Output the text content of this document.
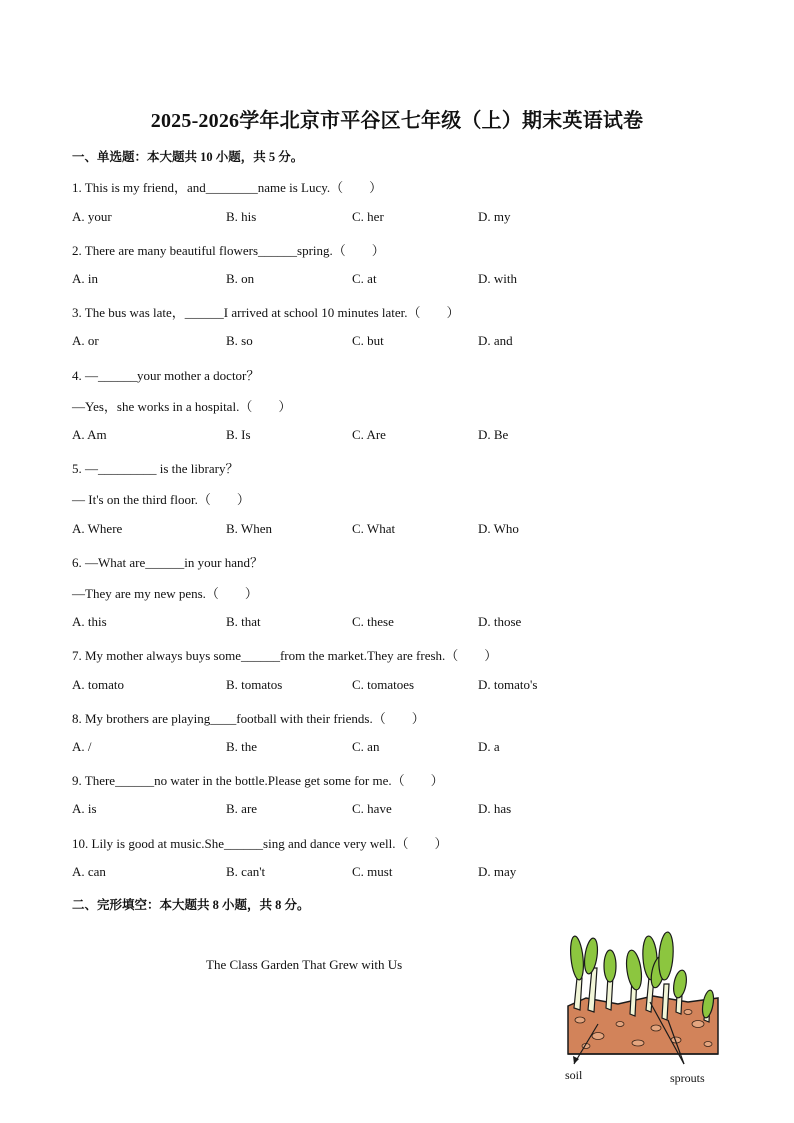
2025-2026学年北京市平谷区七年级（上）期末英语试卷
一、单选题：本大题共 10 小题，共 5 分。
1. This is my friend，and________name is Lucy.（　　）
A. your	B. his	C. her	D. my
2. There are many beautiful flowers______spring.（　　）
A. in	B. on	C. at	D. with
3. The bus was late，______I arrived at school 10 minutes later.（　　）
A. or	B. so	C. but	D. and
4. —______your mother a doctor？
—Yes，she works in a hospital.（　　）
A. Am	B. Is	C. Are	D. Be
5. —_________ is the library？
— It's on the third floor.（　　）
A. Where	B. When	C. What	D. Who
6. —What are______in your hand？
—They are my new pens.（　　）
A. this	B. that	C. these	D. those
7. My mother always buys some______from the market.They are fresh.（　　）
A. tomato	B. tomatos	C. tomatoes	D. tomato's
8. My brothers are playing____football with their friends.（　　）
A. /	B. the	C. an	D. a
9. There______no water in the bottle.Please get some for me.（　　）
A. is	B. are	C. have	D. has
10. Lily is good at music.She______sing and dance very well.（　　）
A. can	B. can't	C. must	D. may
二、完形填空：本大题共 8 小题，共 8 分。
The Class Garden That Grew with Us
soil	sprouts
